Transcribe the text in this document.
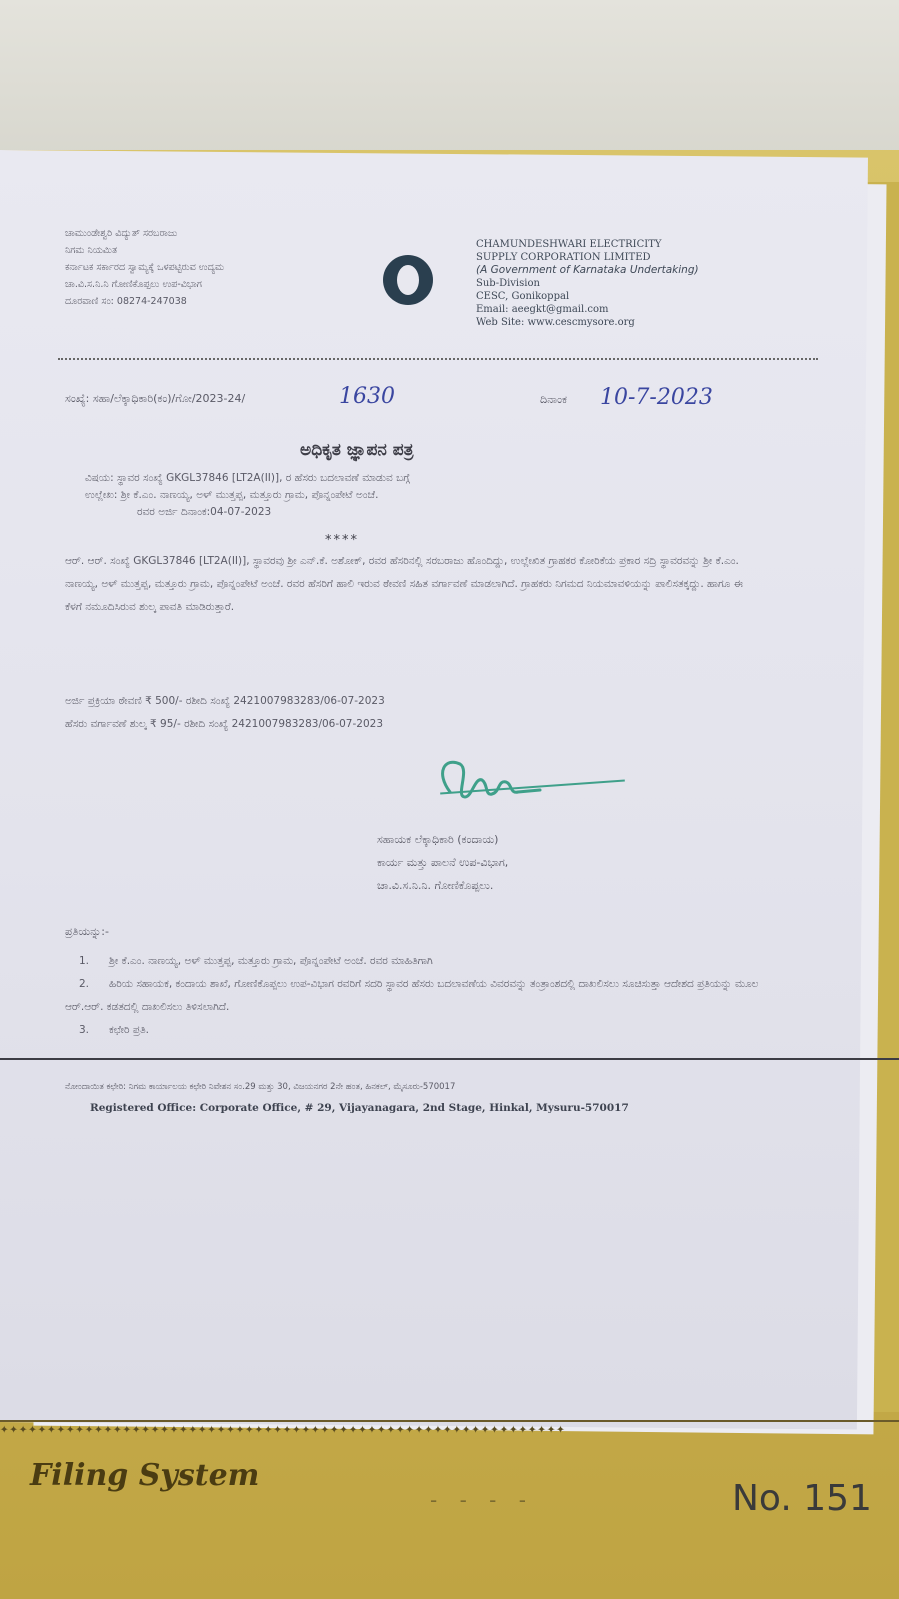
ಚಾಮುಂಡೇಶ್ವರಿ ವಿದ್ಯುತ್ ಸರಬರಾಜು
ನಿಗಮ ನಿಯಮಿತ
ಕರ್ನಾಟಕ ಸರ್ಕಾರದ ಸ್ವಾಮ್ಯಕ್ಕೆ ಒಳಪಟ್ಟಿರುವ ಉದ್ಯಮ
ಚಾ.ವಿ.ಸ.ನಿ.ನಿ ಗೋಣಿಕೊಪ್ಪಲು ಉಪ-ವಿಭಾಗ
ದೂರವಾಣಿ ಸಂ: 08274-247038
CHAMUNDESHWARI ELECTRICITY
SUPPLY CORPORATION LIMITED
(A Government of Karnataka Undertaking)
Sub-Division
CESC, Gonikoppal
Email: aeegkt@gmail.com
Web Site: www.cescmysore.org
ಸಂಖ್ಯೆ: ಸಹಾ/ಲೆಕ್ಕಾಧಿಕಾರಿ(ಕಂ)/ಗೋ/2023-24/	1630	ದಿನಾಂಕ 10-7-2023
ಅಧಿಕೃತ ಜ್ಞಾಪನ ಪತ್ರ
ವಿಷಯ: ಸ್ಥಾವರ ಸಂಖ್ಯೆ GKGL37846 [LT2A(II)], ರ ಹೆಸರು ಬದಲಾವಣೆ ಮಾಡುವ ಬಗ್ಗೆ
ಉಲ್ಲೇಖ: ಶ್ರೀ ಕೆ.ಎಂ. ನಾಣಯ್ಯ, ಅಳ್ ಮುತ್ತಪ್ಪ, ಮತ್ತೂರು ಗ್ರಾಮ, ಪೊನ್ನಂಪೇಟೆ ಅಂಚೆ.
ರವರ ಅರ್ಜಿ ದಿನಾಂಕ:04-07-2023
****
ಆರ್. ಆರ್. ಸಂಖ್ಯೆ GKGL37846 [LT2A(II)], ಸ್ಥಾವರವು ಶ್ರೀ ಎನ್.ಕೆ. ಅಶೋಕ್, ರವರ ಹೆಸರಿನಲ್ಲಿ ಸರಬರಾಜು ಹೊಂದಿದ್ದು, ಉಲ್ಲೇಖಿತ ಗ್ರಾಹಕರ ಕೋರಿಕೆಯ ಪ್ರಕಾರ ಸದ್ರಿ ಸ್ಥಾವರವನ್ನು ಶ್ರೀ ಕೆ.ಎಂ. ನಾಣಯ್ಯ, ಅಳ್ ಮುತ್ತಪ್ಪ, ಮತ್ತೂರು ಗ್ರಾಮ, ಪೊನ್ನಂಪೇಟೆ ಅಂಚೆ. ರವರ ಹೆಸರಿಗೆ ಹಾಲಿ ಇರುವ ಠೇವಣಿ ಸಹಿತ ವರ್ಗಾವಣೆ ಮಾಡಲಾಗಿದೆ. ಗ್ರಾಹಕರು ನಿಗಮದ ನಿಯಮಾವಳಿಯನ್ನು ಪಾಲಿಸತಕ್ಕದ್ದು. ಹಾಗೂ ಈ ಕೆಳಗೆ ನಮೂದಿಸಿರುವ ಶುಲ್ಕ ಪಾವತಿ ಮಾಡಿರುತ್ತಾರೆ.
ಅರ್ಜಿ ಪ್ರಕ್ರಿಯಾ ಠೇವಣಿ ₹ 500/- ರಶೀದಿ ಸಂಖ್ಯೆ 2421007983283/06-07-2023
ಹೆಸರು ವರ್ಗಾವಣೆ ಶುಲ್ಕ ₹ 95/- ರಶೀದಿ ಸಂಖ್ಯೆ 2421007983283/06-07-2023
ಸಹಾಯಕ ಲೆಕ್ಕಾಧಿಕಾರಿ (ಕಂದಾಯ)
ಕಾರ್ಯ ಮತ್ತು ಪಾಲನೆ ಉಪ-ವಿಭಾಗ,
ಚಾ.ವಿ.ಸ.ನಿ.ನಿ. ಗೋಣಿಕೊಪ್ಪಲು.
ಪ್ರತಿಯನ್ನು:-
1. ಶ್ರೀ ಕೆ.ಎಂ. ನಾಣಯ್ಯ, ಅಳ್ ಮುತ್ತಪ್ಪ, ಮತ್ತೂರು ಗ್ರಾಮ, ಪೊನ್ನಂಪೇಟೆ ಅಂಚೆ. ರವರ ಮಾಹಿತಿಗಾಗಿ
2. ಹಿರಿಯ ಸಹಾಯಕ, ಕಂದಾಯ ಶಾಖೆ, ಗೋಣಿಕೊಪ್ಪಲು ಉಪ-ವಿಭಾಗ ರವರಿಗೆ ಸದರಿ ಸ್ಥಾವರ ಹೆಸರು ಬದಲಾವಣೆಯ ವಿವರವನ್ನು ತಂತ್ರಾಂಶದಲ್ಲಿ ದಾಖಲಿಸಲು ಸೂಚಿಸುತ್ತಾ ಆದೇಶದ ಪ್ರತಿಯನ್ನು ಮೂಲ ಆರ್.ಆರ್. ಕಡತದಲ್ಲಿ ದಾಖಲಿಸಲು ತಿಳಿಸಲಾಗಿದೆ.
3. ಕಛೇರಿ ಪ್ರತಿ.
ನೋಂದಾಯಿತ ಕಛೇರಿ: ನಿಗಮ ಕಾರ್ಯಾಲಯ ಕಛೇರಿ ನಿವೇಶನ ಸಂ.29 ಮತ್ತು 30, ವಿಜಯನಗರ 2ನೇ ಹಂತ, ಹಿನಕಲ್, ಮೈಸೂರು-570017
Registered Office: Corporate Office, # 29, Vijayanagara, 2nd Stage, Hinkal, Mysuru-570017
✦✦✦✦✦✦✦✦✦✦✦✦✦✦✦✦✦✦✦✦✦✦✦✦✦✦✦✦✦✦✦✦✦✦✦✦✦✦✦✦✦✦✦✦✦✦✦✦✦✦✦✦✦✦✦✦✦✦✦✦
Filing System
- - - -	No. 151
